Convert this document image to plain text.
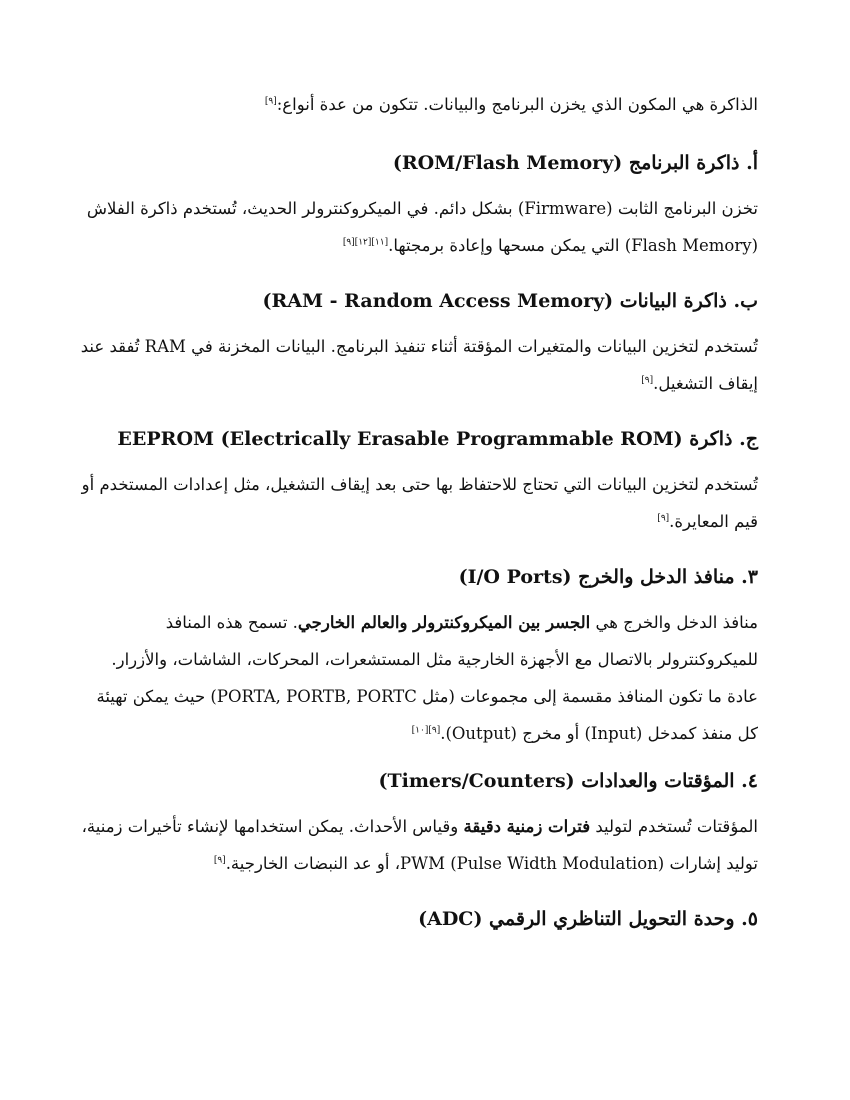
الذاكرة هي المكون الذي يخزن البرنامج والبيانات. تتكون من عدة أنواع:[٩]
أ. ذاكرة البرنامج (ROM/Flash Memory)
تخزن البرنامج الثابت (Firmware) بشكل دائم. في الميكروكنترولر الحديث، تُستخدم ذاكرة الفلاش (Flash Memory) التي يمكن مسحها وإعادة برمجتها.[١١][١٢][٩]
ب. ذاكرة البيانات (RAM - Random Access Memory)
تُستخدم لتخزين البيانات والمتغيرات المؤقتة أثناء تنفيذ البرنامج. البيانات المخزنة في RAM تُفقد عند إيقاف التشغيل.[٩]
ج. ذاكرة EEPROM (Electrically Erasable Programmable ROM)
تُستخدم لتخزين البيانات التي تحتاج للاحتفاظ بها حتى بعد إيقاف التشغيل، مثل إعدادات المستخدم أو قيم المعايرة.[٩]
٣. منافذ الدخل والخرج (I/O Ports)
منافذ الدخل والخرج هي الجسر بين الميكروكنترولر والعالم الخارجي. تسمح هذه المنافذ للميكروكنترولر بالاتصال مع الأجهزة الخارجية مثل المستشعرات، المحركات، الشاشات، والأزرار. عادة ما تكون المنافذ مقسمة إلى مجموعات (مثل PORTA, PORTB, PORTC) حيث يمكن تهيئة كل منفذ كمدخل (Input) أو مخرج (Output).[٩][١٠]
٤. المؤقتات والعدادات (Timers/Counters)
المؤقتات تُستخدم لتوليد فترات زمنية دقيقة وقياس الأحداث. يمكن استخدامها لإنشاء تأخيرات زمنية، توليد إشارات PWM (Pulse Width Modulation)، أو عد النبضات الخارجية.[٩]
٥. وحدة التحويل التناظري الرقمي (ADC)
